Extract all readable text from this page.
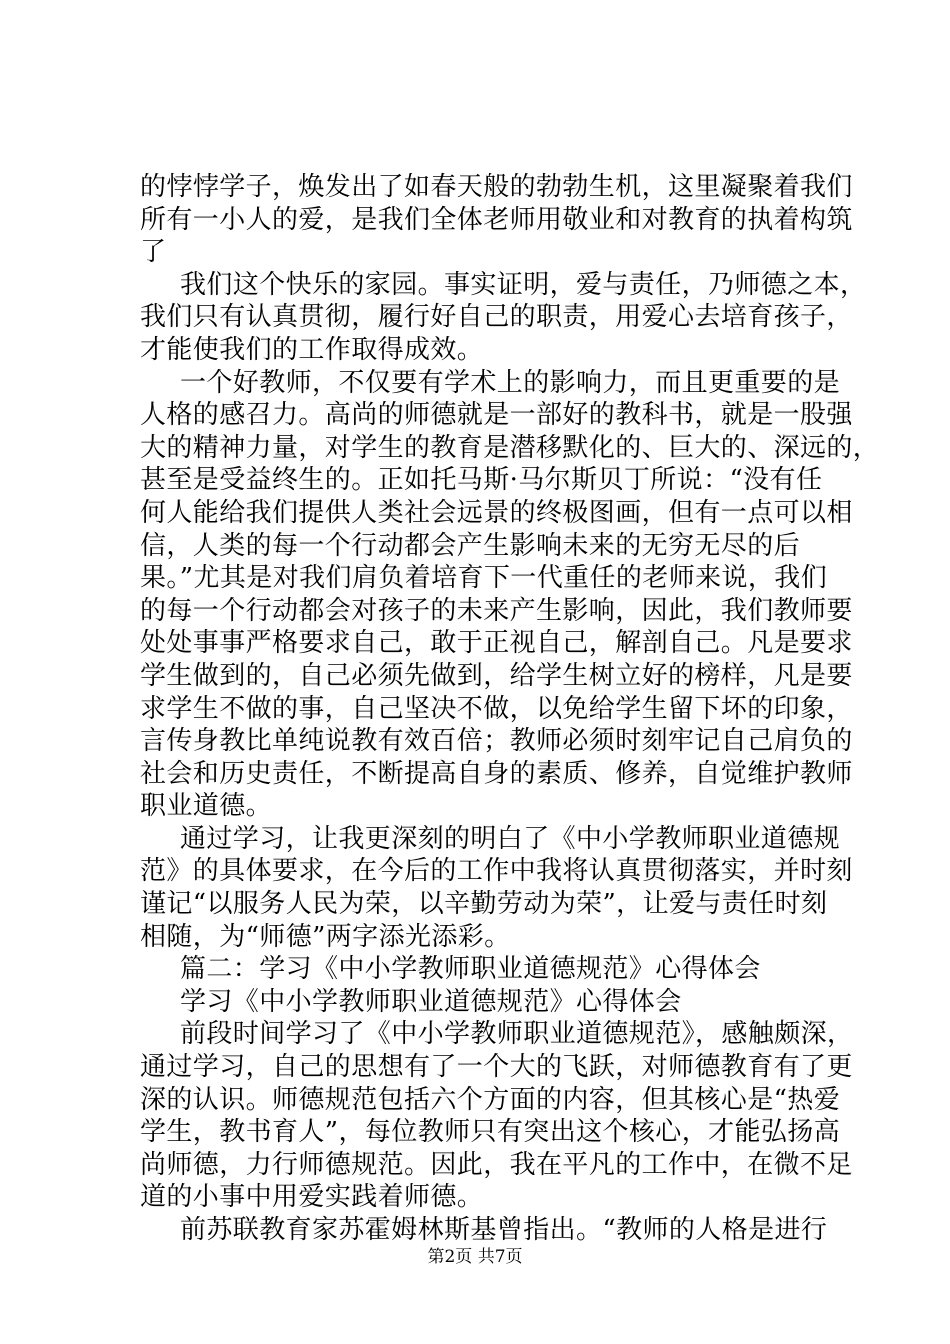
的悖悖学子，焕发出了如春天般的勃勃生机，这里凝聚着我们
所有一小人的爱，是我们全体老师用敬业和对教育的执着构筑
了
我们这个快乐的家园。事实证明，爱与责任，乃师德之本，
我们只有认真贯彻，履行好自己的职责，用爱心去培育孩子，
才能使我们的工作取得成效。
一个好教师，不仅要有学术上的影响力，而且更重要的是
人格的感召力。高尚的师德就是一部好的教科书，就是一股强
大的精神力量，对学生的教育是潜移默化的、巨大的、深远的，
甚至是受益终生的。正如托马斯·马尔斯贝丁所说：“没有任
何人能给我们提供人类社会远景的终极图画，但有一点可以相
信，人类的每一个行动都会产生影响未来的无穷无尽的后
果。”尤其是对我们肩负着培育下一代重任的老师来说，我们
的每一个行动都会对孩子的未来产生影响，因此，我们教师要
处处事事严格要求自己，敢于正视自己，解剖自己。凡是要求
学生做到的，自己必须先做到，给学生树立好的榜样，凡是要
求学生不做的事，自己坚决不做，以免给学生留下坏的印象，
言传身教比单纯说教有效百倍；教师必须时刻牢记自己肩负的
社会和历史责任，不断提高自身的素质、修养，自觉维护教师
职业道德。
通过学习，让我更深刻的明白了《中小学教师职业道德规
范》的具体要求，在今后的工作中我将认真贯彻落实，并时刻
谨记“以服务人民为荣，以辛勤劳动为荣”，让爱与责任时刻
相随，为“师德”两字添光添彩。
篇二：学习《中小学教师职业道德规范》心得体会
学习《中小学教师职业道德规范》心得体会
前段时间学习了《中小学教师职业道德规范》，感触颇深，
通过学习，自己的思想有了一个大的飞跃，对师德教育有了更
深的认识。师德规范包括六个方面的内容，但其核心是“热爱
学生，教书育人”，每位教师只有突出这个核心，才能弘扬高
尚师德，力行师德规范。因此，我在平凡的工作中，在微不足
道的小事中用爱实践着师德。
前苏联教育家苏霍姆林斯基曾指出。“教师的人格是进行
第2页 共7页
